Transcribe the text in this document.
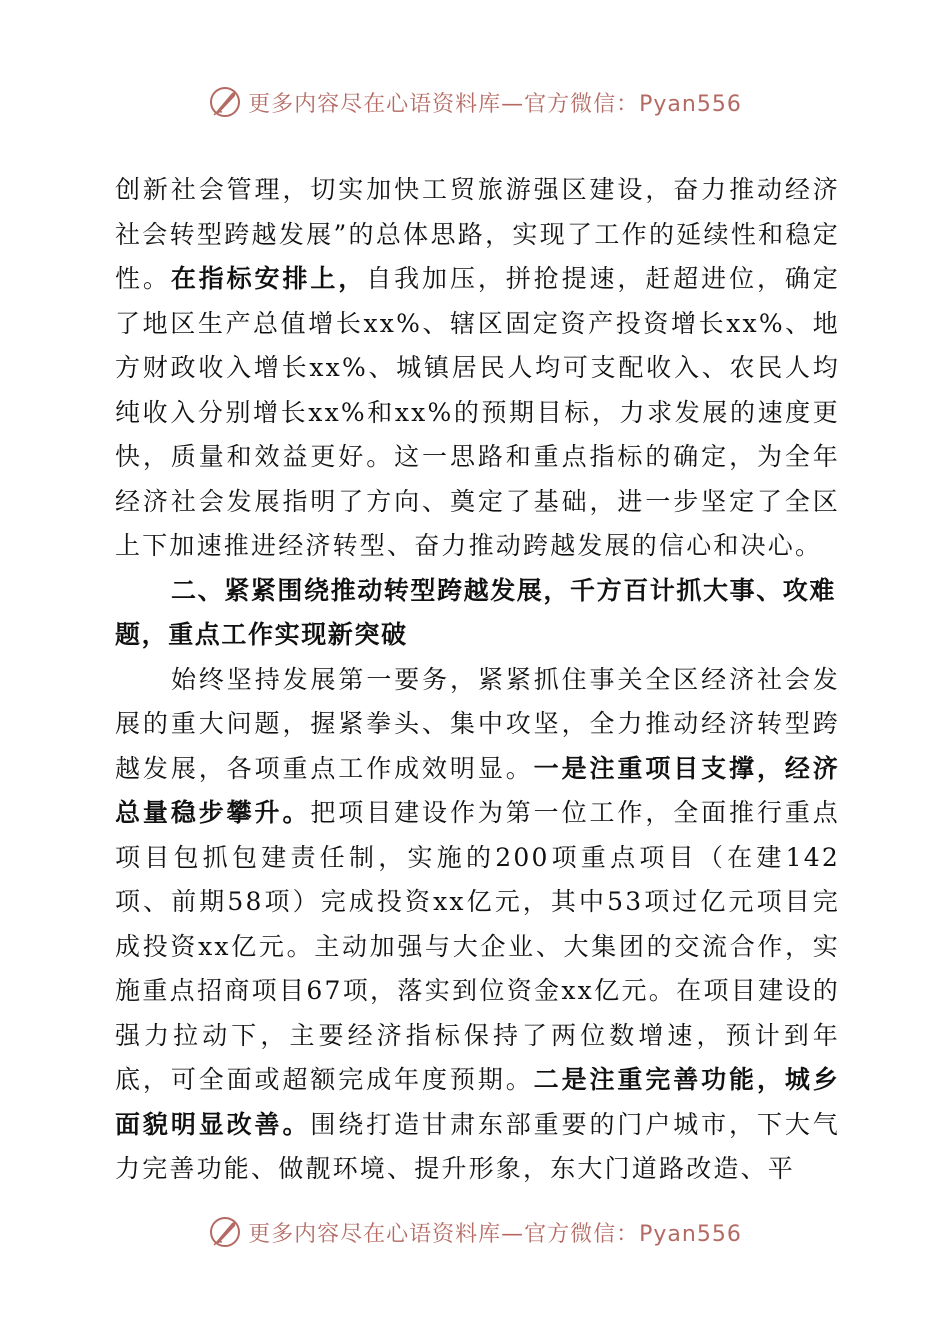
更多内容尽在心语资料库—官方微信：Pyan556

创新社会管理，切实加快工贸旅游强区建设，奋力推动经济社会转型跨越发展”的总体思路，实现了工作的延续性和稳定性。在指标安排上，自我加压，拼抢提速，赶超进位，确定了地区生产总值增长xx%、辖区固定资产投资增长xx%、地方财政收入增长xx%、城镇居民人均可支配收入、农民人均纯收入分别增长xx%和xx%的预期目标，力求发展的速度更快，质量和效益更好。这一思路和重点指标的确定，为全年经济社会发展指明了方向、奠定了基础，进一步坚定了全区上下加速推进经济转型、奋力推动跨越发展的信心和决心。

二、紧紧围绕推动转型跨越发展，千方百计抓大事、攻难题，重点工作实现新突破

始终坚持发展第一要务，紧紧抓住事关全区经济社会发展的重大问题，握紧拳头、集中攻坚，全力推动经济转型跨越发展，各项重点工作成效明显。一是注重项目支撑，经济总量稳步攀升。把项目建设作为第一位工作，全面推行重点项目包抓包建责任制，实施的200项重点项目（在建142项、前期58项）完成投资xx亿元，其中53项过亿元项目完成投资xx亿元。主动加强与大企业、大集团的交流合作，实施重点招商项目67项，落实到位资金xx亿元。在项目建设的强力拉动下，主要经济指标保持了两位数增速，预计到年底，可全面或超额完成年度预期。二是注重完善功能，城乡面貌明显改善。围绕打造甘肃东部重要的门户城市，下大气力完善功能、做靓环境、提升形象，东大门道路改造、平

更多内容尽在心语资料库—官方微信：Pyan556
